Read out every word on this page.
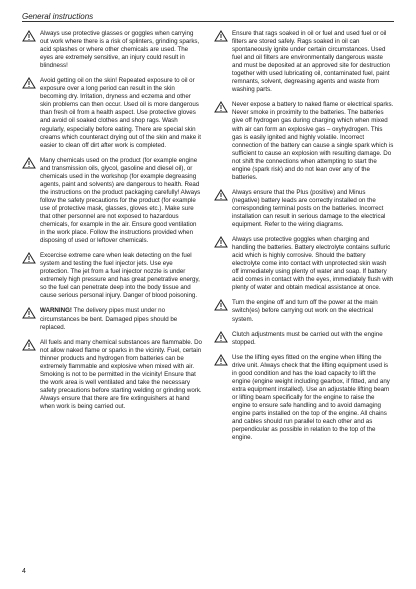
General instructions

Always use protective glasses or goggles when carrying out work where there is a risk of splinters, grinding sparks, acid splashes or where other chemicals are used. The eyes are extremely sensitive, an injury could result in blindness!

Avoid getting oil on the skin! Repeated exposure to oil or exposure over a long period can result in the skin becoming dry. Irritation, dryness and eczema and other skin problems can then occur. Used oil is more dangerous than fresh oil from a health aspect. Use protective gloves and avoid oil soaked clothes and shop rags. Wash regularly, especially before eating. There are special skin creams which counteract drying out of the skin and make it easier to clean off dirt after work is completed.

Many chemicals used on the product (for example engine and transmission oils, glycol, gasoline and diesel oil), or chemicals used in the workshop (for example degreasing agents, paint and solvents) are dangerous to health. Read the instructions on the product packaging carefully! Always follow the safety precautions for the product (for example use of protective mask, glasses, gloves etc.). Make sure that other personnel are not exposed to hazardous chemicals, for example in the air. Ensure good ventilation in the work place. Follow the instructions provided when disposing of used or leftover chemicals.

Excercise extreme care when leak detecting on the fuel system and testing the fuel injector jets. Use eye protection. The jet from a fuel injector nozzle is under extremely high pressure and has great penetrative energy, so the fuel can penetrate deep into the body tissue and cause serious personal injury. Danger of blood poisoning.

WARNING! The delivery pipes must under no circumstances be bent. Damaged pipes should be replaced.

All fuels and many chemical substances are flammable. Do not allow naked flame or sparks in the vicinity. Fuel, certain thinner products and hydrogen from batteries can be extremely flammable and explosive when mixed with air. Smoking is not to be permitted in the vicinity! Ensure that the work area is well ventilated and take the necessary safety precautions before starting welding or grinding work. Always ensure that there are fire extinguishers at hand when work is being carried out.

Ensure that rags soaked in oil or fuel and used fuel or oil filters are stored safely. Rags soaked in oil can spontaneously ignite under certain circumstances. Used fuel and oil filters are environmentally dangerous waste and must be deposited at an approved site for destruction together with used lubricating oil, contaminated fuel, paint remnants, solvent, degreasing agents and waste from washing parts.

Never expose a battery to naked flame or electrical sparks. Never smoke in proximity to the batteries. The batteries give off hydrogen gas during charging which when mixed with air can form an explosive gas – oxyhydrogen. This gas is easily ignited and highly volatile. Incorrect connection of the battery can cause a single spark which is sufficient to cause an explosion with resulting damage. Do not shift the connections when attempting to start the engine (spark risk) and do not lean over any of the batteries.

Always ensure that the Plus (positive) and Minus (negative) battery leads are correctly installed on the corresponding terminal posts on the batteries. Incorrect installation can result in serious damage to the electrical equipment. Refer to the wiring diagrams.

Always use protective goggles when charging and handling the batteries. Battery electrolyte contains sulfuric acid which is highly corrosive. Should the battery electrolyte come into contact with unprotected skin wash off immediately using plenty of water and soap. If battery acid comes in contact with the eyes, immediately flush with plenty of water and obtain medical assistance at once.

Turn the engine off and turn off the power at the main switch(es) before carrying out work on the electrical system.

Clutch adjustments must be carried out with the engine stopped.

Use the lifting eyes fitted on the engine when lifting the drive unit. Always check that the lifting equipment used is in good condition and has the load capacity to lift the engine (engine weight including gearbox, if fitted, and any extra equipment installed). Use an adjustable lifting beam or lifting beam specifically for the engine to raise the engine to ensure safe handling and to avoid damaging engine parts installed on the top of the engine. All chains and cables should run parallel to each other and as perpendicular as possible in relation to the top of the engine.

4
